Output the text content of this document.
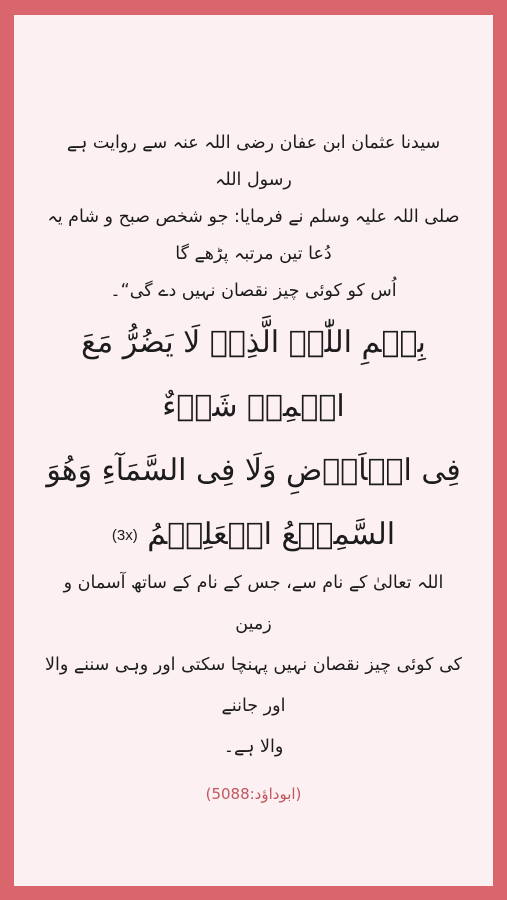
سیدنا عثمان ابن عفان رضی اللہ عنہ سے روایت ہے رسول اللہ
صلی اللہ علیہ وسلم نے فرمایا: جو شخص صبح و شام یہ دُعا تین مرتبہ پڑھے گا
اُس کو کوئی چیز نقصان نہیں دے گی“۔
بِسۡمِ اللّٰہِ الَّذِیۡ لَا یَضُرُّ مَعَ اسۡمِہٖ شَیۡءٌ
فِی الۡاَرۡضِ وَلَا فِی السَّمَآءِ وَھُوَ
السَّمِیۡعُ الۡعَلِیۡمُ (3x)
اللہ تعالیٰ کے نام سے، جس کے نام کے ساتھ آسمان و زمین
کی کوئی چیز نقصان نہیں پہنچا سکتی اور وہی سننے والا اور جاننے
والا ہے۔
(ابوداؤد:5088)
